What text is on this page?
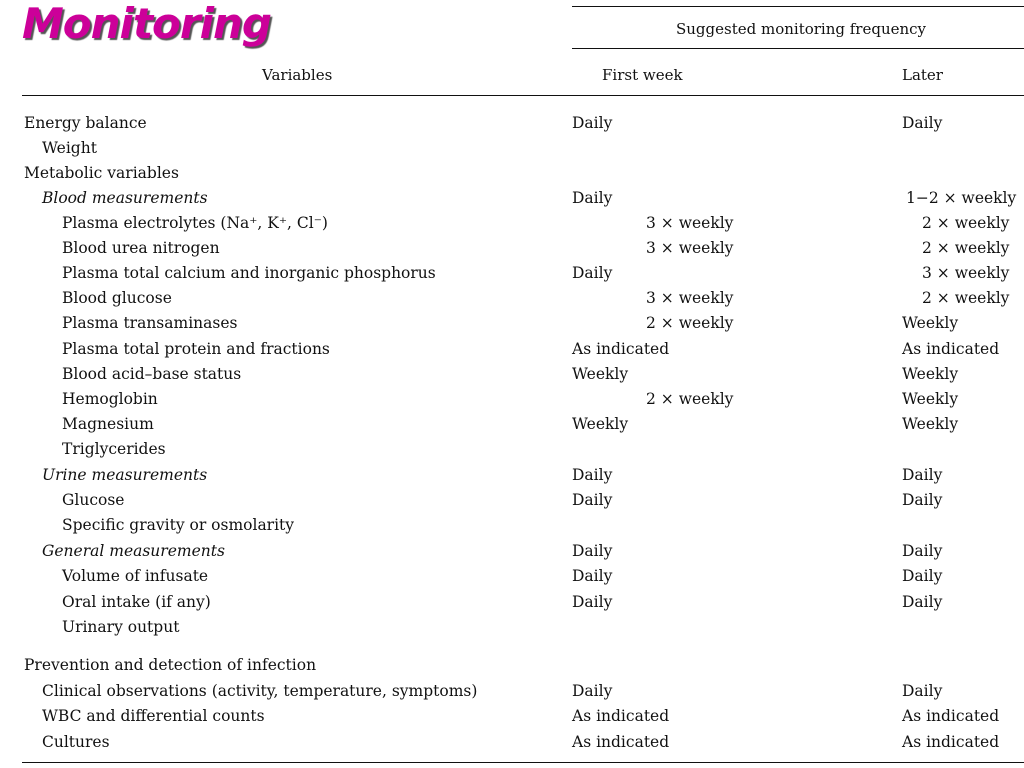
Monitoring	Suggested monitoring frequency
Variables	First week	Later
Energy balance	Daily	Daily
Weight
Metabolic variables
Blood measurements	Daily	1−2 × weekly
Plasma electrolytes (Na⁺, K⁺, Cl⁻)	3 × weekly	2 × weekly
Blood urea nitrogen	3 × weekly	2 × weekly
Plasma total calcium and inorganic phosphorus	Daily	3 × weekly
Blood glucose	3 × weekly	2 × weekly
Plasma transaminases	2 × weekly	Weekly
Plasma total protein and fractions	As indicated	As indicated
Blood acid–base status	Weekly	Weekly
Hemoglobin	2 × weekly	Weekly
Magnesium	Weekly	Weekly
Triglycerides
Urine measurements	Daily	Daily
Glucose	Daily	Daily
Specific gravity or osmolarity
General measurements	Daily	Daily
Volume of infusate	Daily	Daily
Oral intake (if any)	Daily	Daily
Urinary output
Prevention and detection of infection
Clinical observations (activity, temperature, symptoms)	Daily	Daily
WBC and differential counts	As indicated	As indicated
Cultures	As indicated	As indicated
